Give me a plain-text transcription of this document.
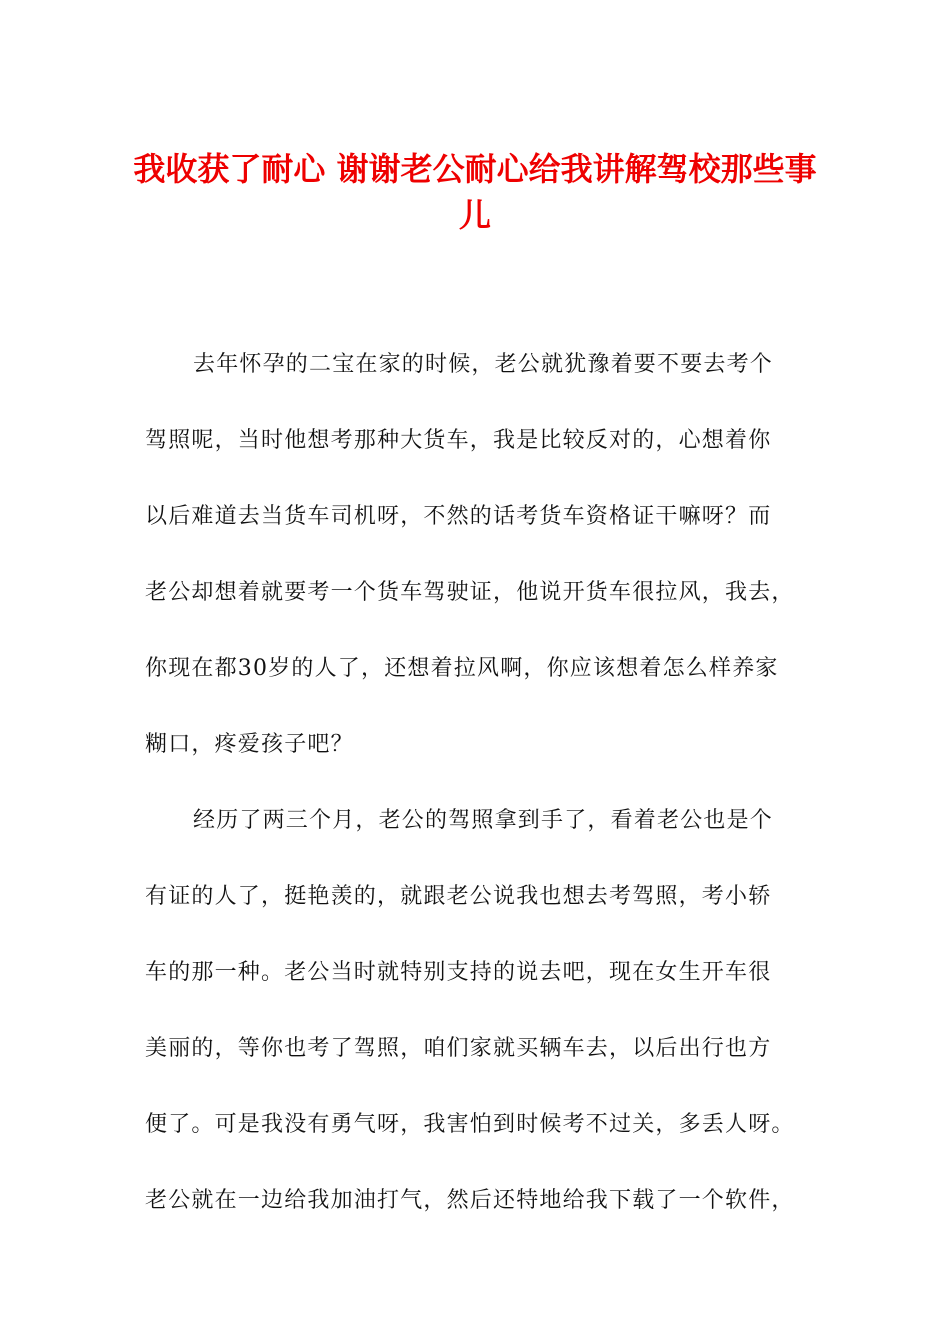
我收获了耐心 谢谢老公耐心给我讲解驾校那些事儿

去年怀孕的二宝在家的时候，老公就犹豫着要不要去考个
驾照呢，当时他想考那种大货车，我是比较反对的，心想着你
以后难道去当货车司机呀，不然的话考货车资格证干嘛呀？而
老公却想着就要考一个货车驾驶证，他说开货车很拉风，我去，
你现在都30岁的人了，还想着拉风啊，你应该想着怎么样养家
糊口，疼爱孩子吧？

经历了两三个月，老公的驾照拿到手了，看着老公也是个
有证的人了，挺艳羡的，就跟老公说我也想去考驾照，考小轿
车的那一种。老公当时就特别支持的说去吧，现在女生开车很
美丽的，等你也考了驾照，咱们家就买辆车去，以后出行也方
便了。可是我没有勇气呀，我害怕到时候考不过关，多丢人呀。
老公就在一边给我加油打气，然后还特地给我下载了一个软件，
